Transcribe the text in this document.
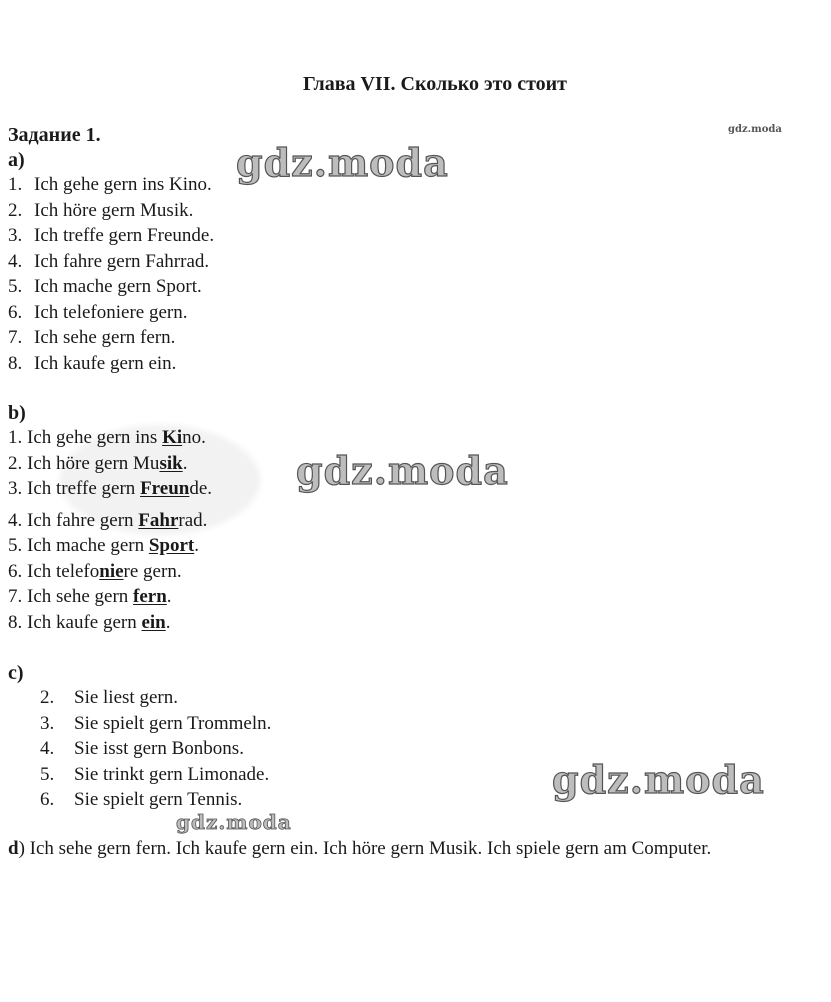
Глава VII. Сколько это стоит
Задание 1.	gdz.moda
а)
1. Ich gehe gern ins Kino.
2. Ich höre gern Musik.
3. Ich treffe gern Freunde.
4. Ich fahre gern Fahrrad.
5. Ich mache gern Sport.
6. Ich telefoniere gern.
7. Ich sehe gern fern.
8. Ich kaufe gern ein.
gdz.moda
b)
1. Ich gehe gern ins Kino.
2. Ich höre gern Musik.
3. Ich treffe gern Freunde.
4. Ich fahre gern Fahrrad.
5. Ich mache gern Sport.
6. Ich telefoniere gern.
7. Ich sehe gern fern.
8. Ich kaufe gern ein.
gdz.moda
c)
2. Sie liest gern.
3. Sie spielt gern Trommeln.
4. Sie isst gern Bonbons.
5. Sie trinkt gern Limonade.
6. Sie spielt gern Tennis.	gdz.moda
gdz.moda
d) Ich sehe gern fern. Ich kaufe gern ein. Ich höre gern Musik. Ich spiele gern am Computer.
